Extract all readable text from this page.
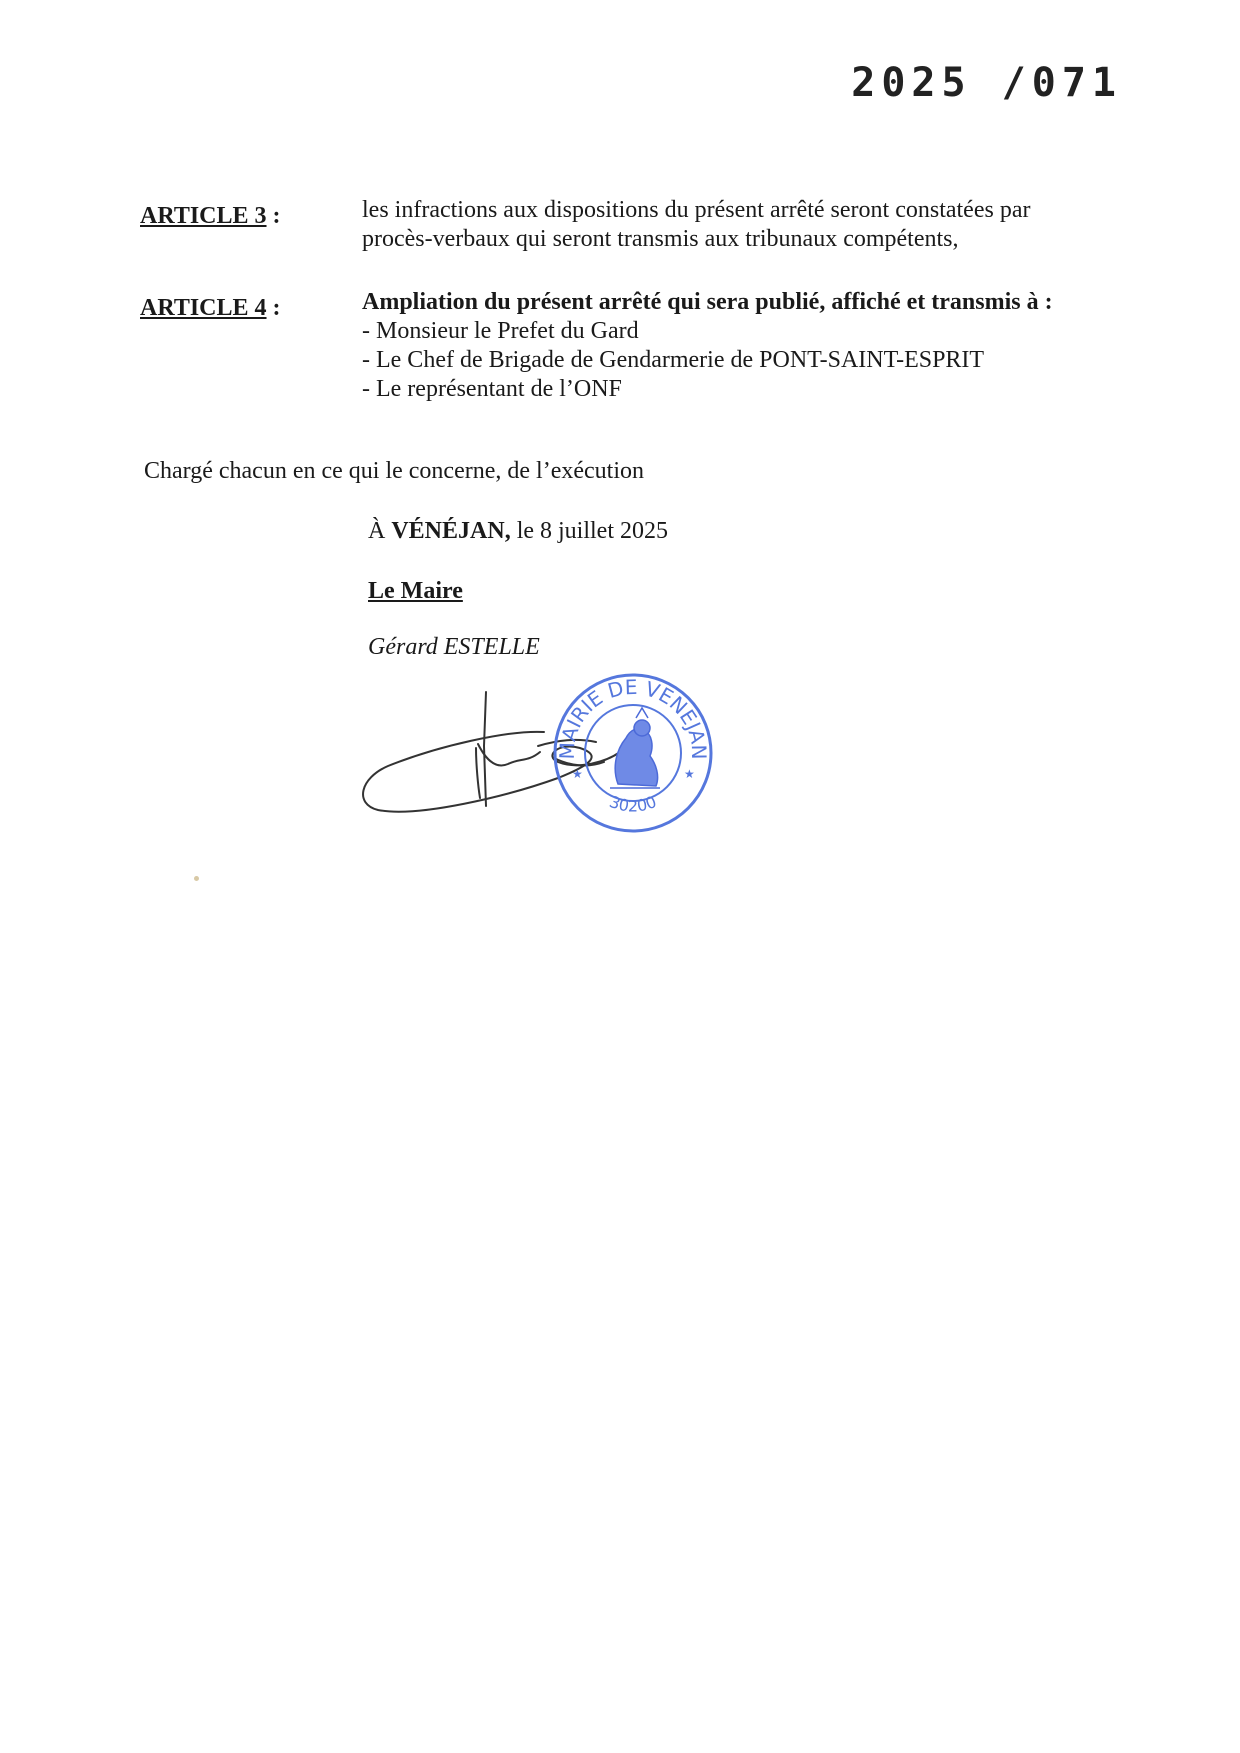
2025 /071
ARTICLE 3 :	les infractions aux dispositions du présent arrêté seront constatées par
procès-verbaux qui seront transmis aux tribunaux compétents,
ARTICLE 4 :	Ampliation du présent arrêté qui sera publié, affiché et transmis à :
- Monsieur le Prefet du Gard
- Le Chef de Brigade de Gendarmerie de PONT-SAINT-ESPRIT
- Le représentant de l’ONF
Chargé chacun en ce qui le concerne, de l’exécution
À VÉNÉJAN, le 8 juillet 2025
Le Maire
Gérard ESTELLE
MAIRIE DE VENEJAN
30200
★	★
